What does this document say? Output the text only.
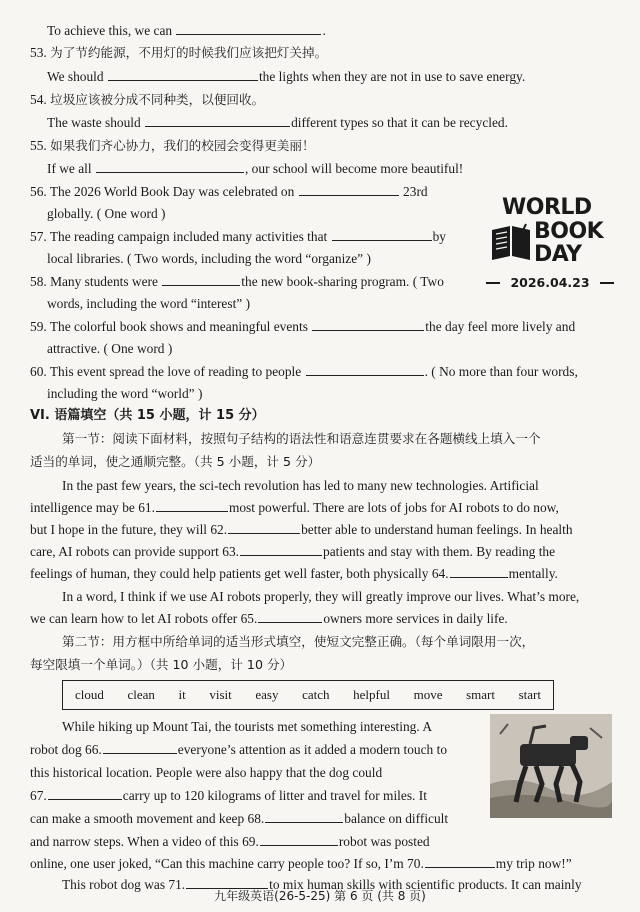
To achieve this, we can	.
53. 为了节约能源，不用灯的时候我们应该把灯关掉。
We should	the lights when they are not in use to save energy.
54. 垃圾应该被分成不同种类，以便回收。
The waste should	different types so that it can be recycled.
55. 如果我们齐心协力，我们的校园会变得更美丽！
If we all	, our school will become more beautiful!
56. The 2026 World Book Day was celebrated on	23rd
globally. ( One word )
57. The reading campaign included many activities that	by
local libraries. ( Two words, including the word “organize” )
58. Many students were	the new book-sharing program. ( Two
words, including the word “interest” )
59. The colorful book shows and meaningful events	the day feel more lively and
attractive. ( One word )
60. This event spread the love of reading to people	. ( No more than four words,
including the word “world” )
VI. 语篇填空（共 15 小题，计 15 分）
第一节：阅读下面材料，按照句子结构的语法性和语意连贯要求在各题横线上填入一个
适当的单词，使之通顺完整。（共 5 小题，计 5 分）
In the past few years, the sci-tech revolution has led to many new technologies. Artificial
intelligence may be 61.	most powerful. There are lots of jobs for AI robots to do now,
but I hope in the future, they will 62.	better able to understand human feelings. In health
care, AI robots can provide support 63.	patients and stay with them. By reading the
feelings of human, they could help patients get well faster, both physically 64.	mentally.
In a word, I think if we use AI robots properly, they will greatly improve our lives. What’s more,
we can learn how to let AI robots offer 65.	owners more services in daily life.
第二节：用方框中所给单词的适当形式填空，使短文完整正确。（每个单词限用一次，
每空限填一个单词。）（共 10 小题，计 10 分）
cloud clean it visit easy catch helpful move smart start
While hiking up Mount Tai, the tourists met something interesting. A
robot dog 66.	everyone’s attention as it added a modern touch to
this historical location. People were also happy that the dog could
67.	carry up to 120 kilograms of litter and travel for miles. It
can make a smooth movement and keep 68.	balance on difficult
and narrow steps. When a video of this 69.	robot was posted
online, one user joked, “Can this machine carry people too? If so, I’m 70.	my trip now!”
This robot dog was 71.	to mix human skills with scientific products. It can mainly
WORLD
BOOK
DAY
2026.04.23
九年级英语(26-5-25) 第 6 页 (共 8 页)
